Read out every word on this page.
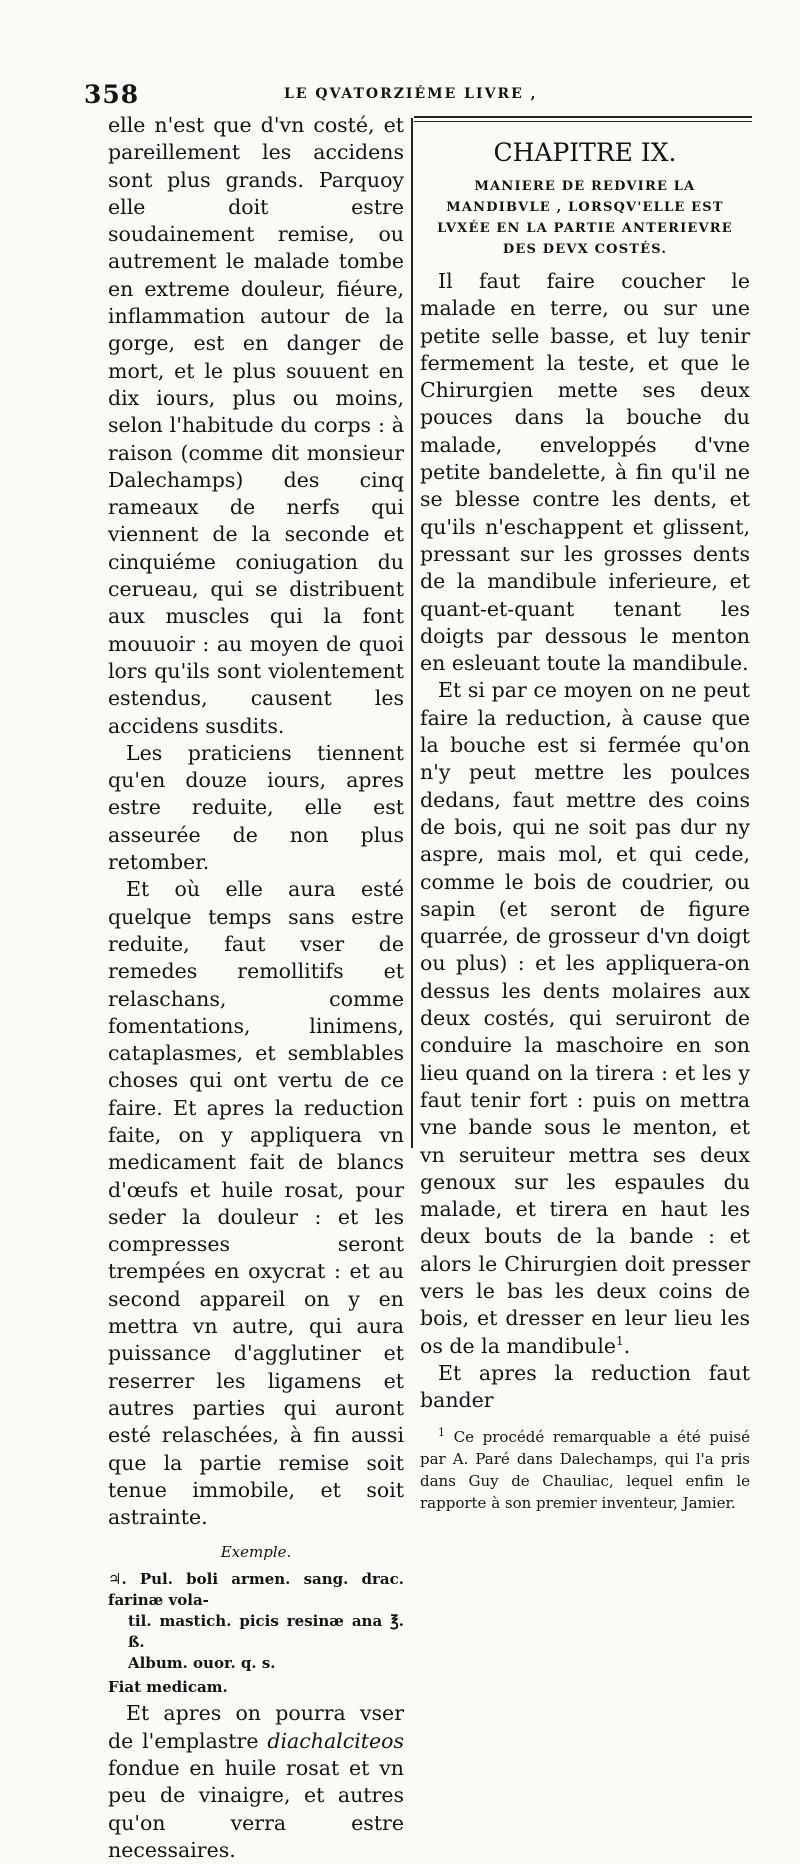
358	LE QVATORZIÉME LIVRE ,

elle n'est que d'vn costé, et pareillement les accidens sont plus grands. Parquoy elle doit estre soudainement remise, ou autrement le malade tombe en extreme douleur, fiéure, inflammation autour de la gorge, est en danger de mort, et le plus souuent en dix iours, plus ou moins, selon l'habitude du corps : à raison (comme dit monsieur Dalechamps) des cinq rameaux de nerfs qui viennent de la seconde et cinquiéme coniugation du cerueau, qui se distribuent aux muscles qui la font mouuoir : au moyen de quoi lors qu'ils sont violentement estendus, causent les accidens susdits.

Les praticiens tiennent qu'en douze iours, apres estre reduite, elle est asseurée de non plus retomber.

Et où elle aura esté quelque temps sans estre reduite, faut vser de remedes remollitifs et relaschans, comme fomentations, linimens, cataplasmes, et semblables choses qui ont vertu de ce faire. Et apres la reduction faite, on y appliquera vn medicament fait de blancs d'œufs et huile rosat, pour seder la douleur : et les compresses seront trempées en oxycrat : et au second appareil on y en mettra vn autre, qui aura puissance d'agglutiner et reserrer les ligamens et autres parties qui auront esté relaschées, à fin aussi que la partie remise soit tenue immobile, et soit astrainte.

Exemple.

♃. Pul. boli armen. sang. drac. farinæ vola-

til. mastich. picis resinæ ana ℥. ß.

Album. ouor. q. s.

Fiat medicam.

Et apres on pourra vser de l'emplastre diachalciteos fondue en huile rosat et vn peu de vinaigre, et autres qu'on verra estre necessaires.

CHAPITRE IX.
MANIERE DE REDVIRE LA MANDIBVLE , LORSQV'ELLE EST LVXÉE EN LA PARTIE ANTERIEVRE DES DEVX COSTÉS.

Il faut faire coucher le malade en terre, ou sur une petite selle basse, et luy tenir fermement la teste, et que le Chirurgien mette ses deux pouces dans la bouche du malade, enveloppés d'vne petite bandelette, à fin qu'il ne se blesse contre les dents, et qu'ils n'eschappent et glissent, pressant sur les grosses dents de la mandibule inferieure, et quant-et-quant tenant les doigts par dessous le menton en esleuant toute la mandibule.

Et si par ce moyen on ne peut faire la reduction, à cause que la bouche est si fermée qu'on n'y peut mettre les poulces dedans, faut mettre des coins de bois, qui ne soit pas dur ny aspre, mais mol, et qui cede, comme le bois de coudrier, ou sapin (et seront de figure quarrée, de grosseur d'vn doigt ou plus) : et les appliquera-on dessus les dents molaires aux deux costés, qui seruiront de conduire la maschoire en son lieu quand on la tirera : et les y faut tenir fort : puis on mettra vne bande sous le menton, et vn seruiteur mettra ses deux genoux sur les espaules du malade, et tirera en haut les deux bouts de la bande : et alors le Chirurgien doit presser vers le bas les deux coins de bois, et dresser en leur lieu les os de la mandibule$^1$.

Et apres la reduction faut bander

$^1$ Ce procédé remarquable a été puisé par A. Paré dans Dalechamps, qui l'a pris dans Guy de Chauliac, lequel enfin le rapporte à son premier inventeur, Jamier.
